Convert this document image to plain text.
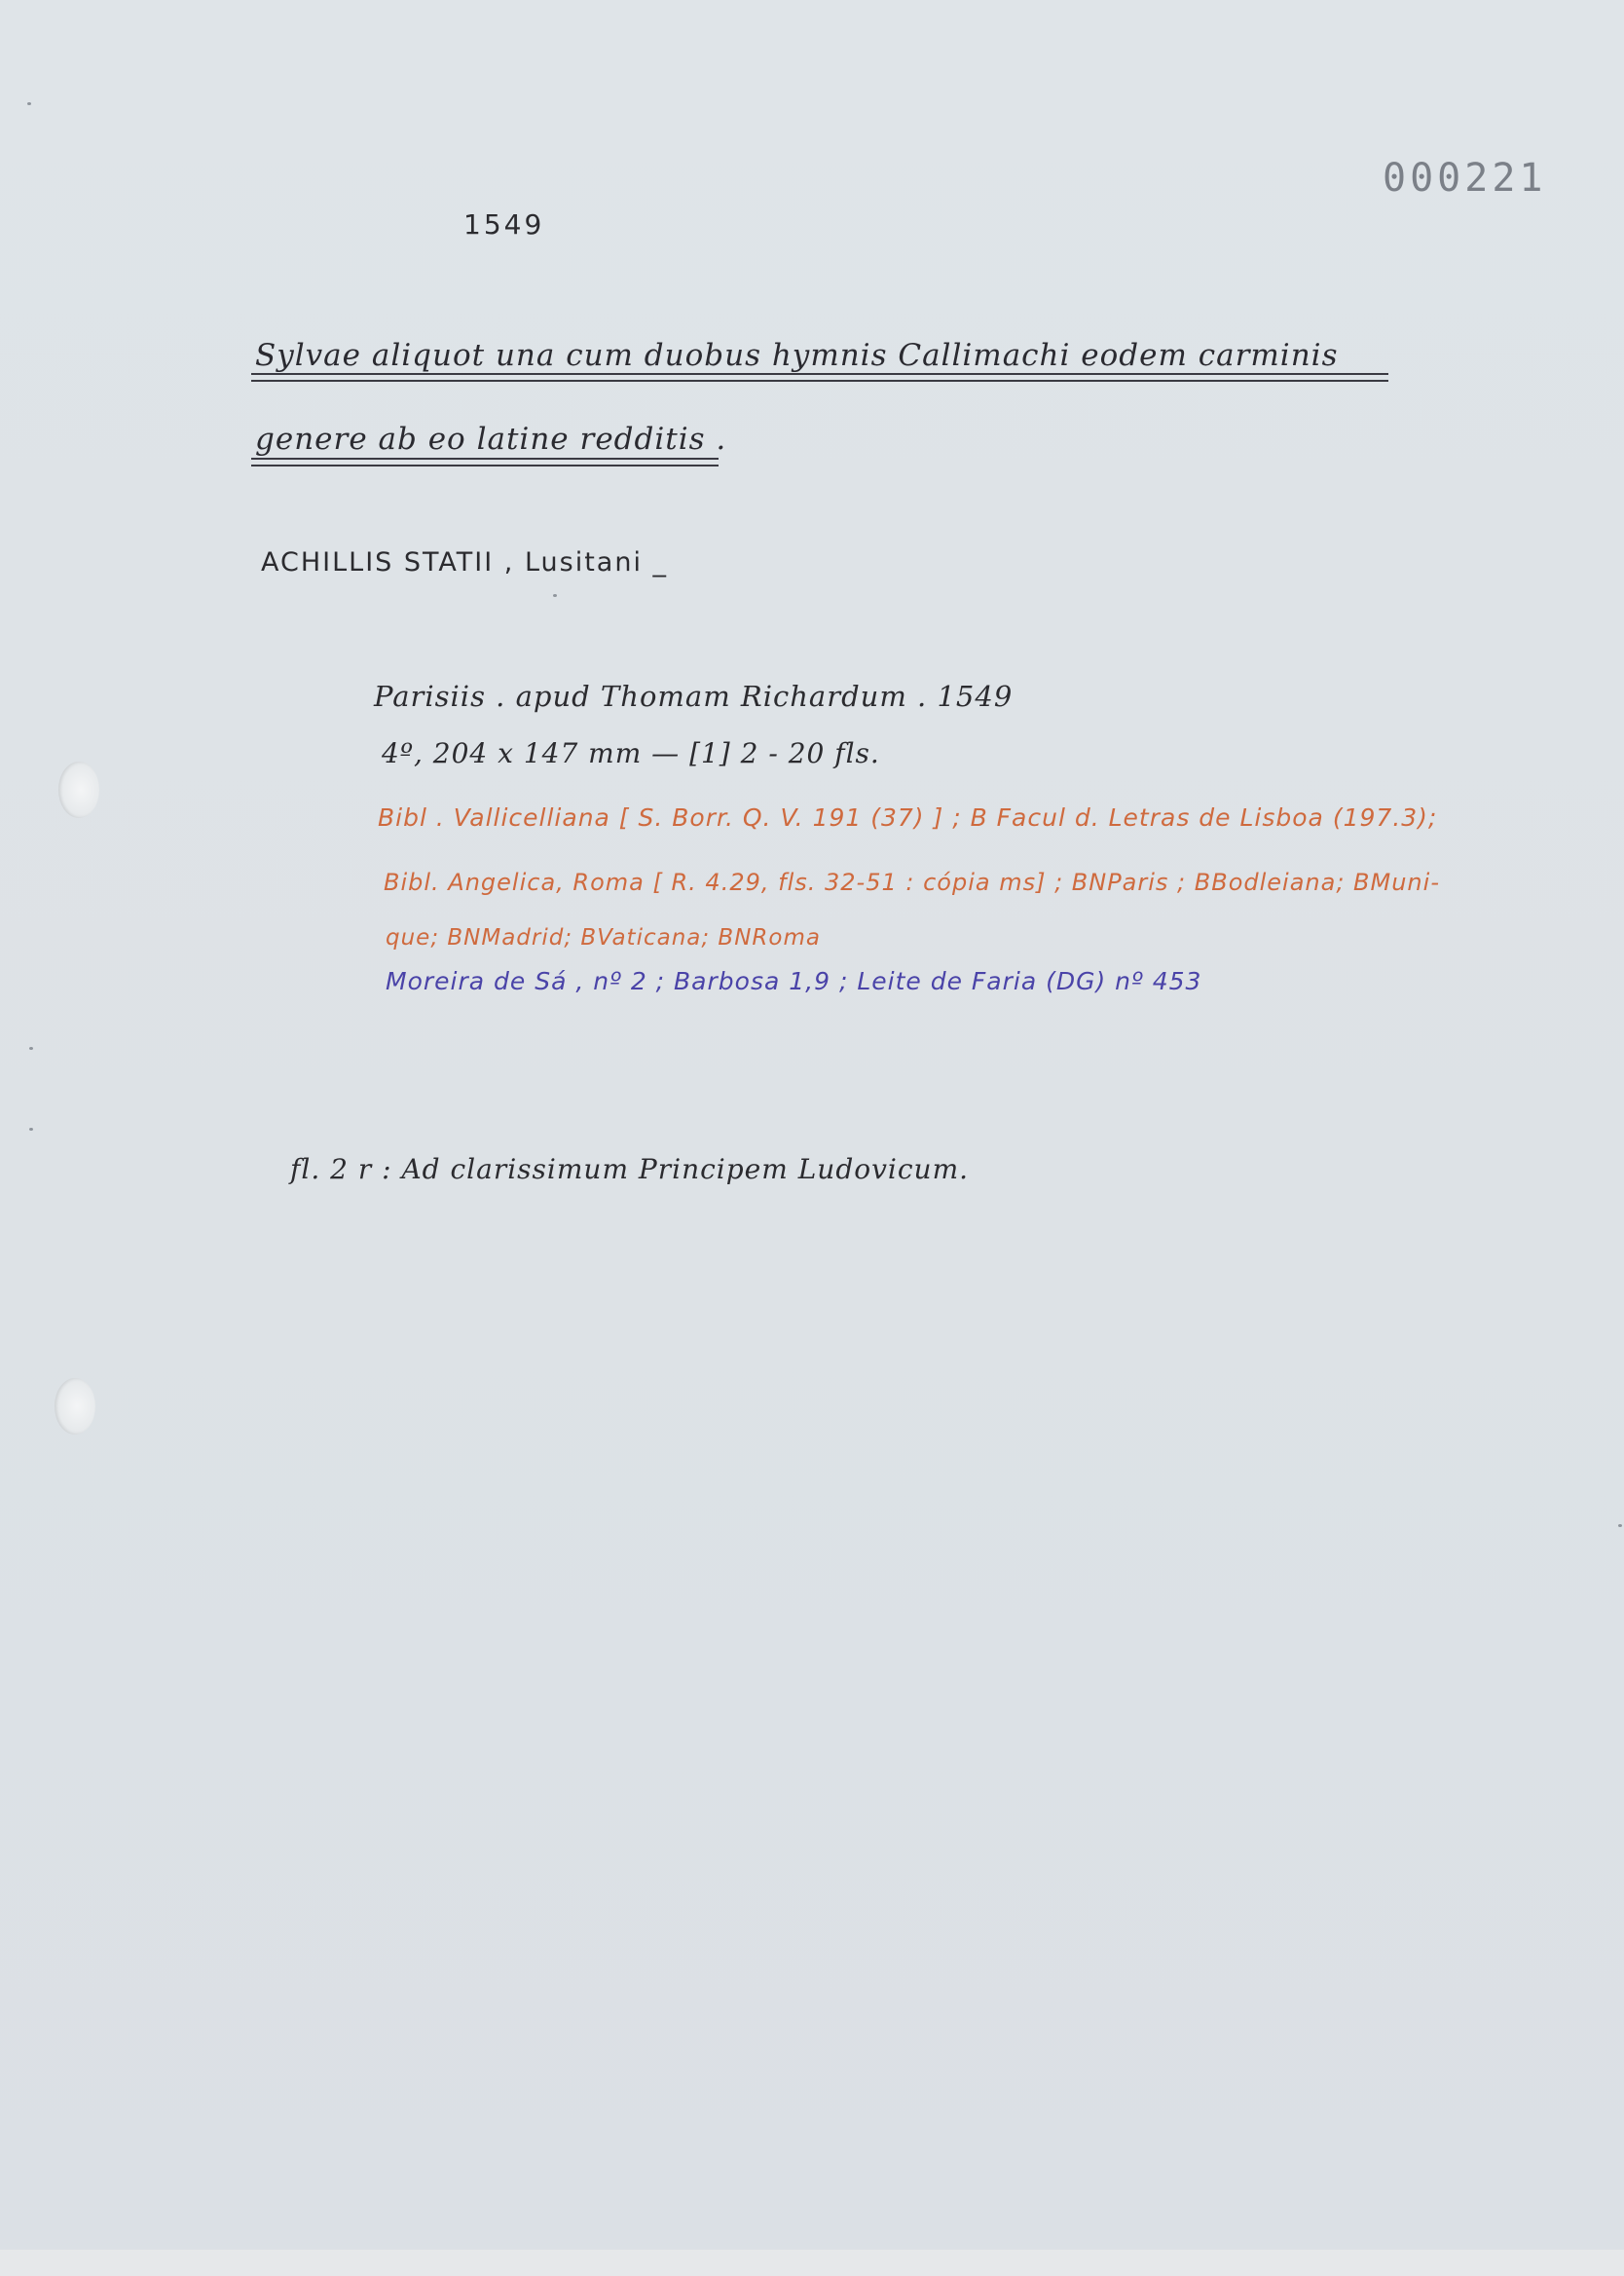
000221
1549
Sylvae aliquot una cum duobus hymnis Callimachi eodem carminis
genere ab eo latine redditis .
ACHILLIS STATII , Lusitani _
Parisiis . apud Thomam Richardum . 1549
4º, 204 x 147 mm — [1] 2 - 20 fls.
Bibl . Vallicelliana [ S. Borr. Q. V. 191 (37) ] ; B Facul d. Letras de Lisboa (197.3);
Bibl. Angelica, Roma [ R. 4.29, fls. 32-51 : cópia ms] ; BNParis ; BBodleiana; BMuni-
que; BNMadrid; BVaticana; BNRoma
Moreira de Sá , nº 2 ; Barbosa 1,9 ; Leite de Faria (DG) nº 453
fl. 2 r : Ad clarissimum Principem Ludovicum.
